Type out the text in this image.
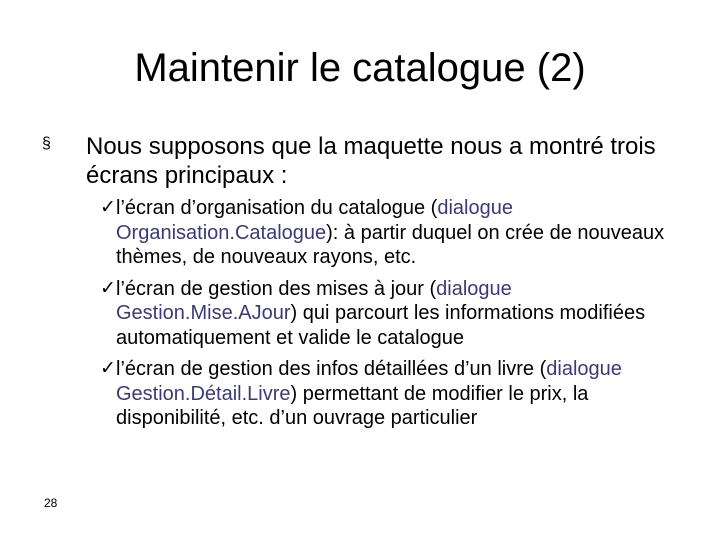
Maintenir le catalogue (2)
§ Nous supposons que la maquette nous a montré trois écrans principaux :
✓ l’écran d’organisation du catalogue (dialogue Organisation.Catalogue): à partir duquel on crée de nouveaux thèmes, de nouveaux rayons, etc.
✓ l’écran de gestion des mises à jour (dialogue Gestion.Mise.AJour) qui parcourt les informations modifiées automatiquement et valide le catalogue
✓ l’écran de gestion des infos détaillées d’un livre (dialogue Gestion.Détail.Livre) permettant de modifier le prix, la disponibilité, etc. d’un ouvrage particulier
28
